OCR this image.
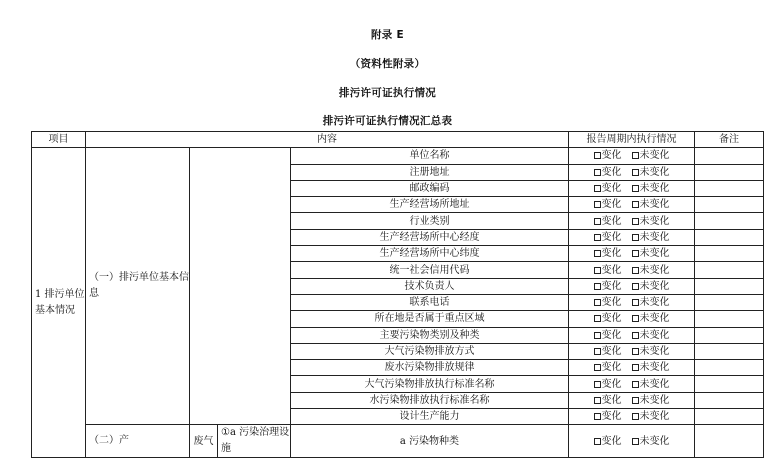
附录 E
（资料性附录）
排污许可证执行情况
排污许可证执行情况汇总表
项目	内容				报告周期内执行情况	备注
1 排污单位基本情况	（一）排污单位基本信息			单位名称	变化 未变化	

				注册地址	变化 未变化	

				邮政编码	变化 未变化	

				生产经营场所地址	变化 未变化	

				行业类别	变化 未变化	

				生产经营场所中心经度	变化 未变化	

				生产经营场所中心纬度	变化 未变化	

				统一社会信用代码	变化 未变化	

				技术负责人	变化 未变化	

				联系电话	变化 未变化	

				所在地是否属于重点区域	变化 未变化	

				主要污染物类别及种类	变化 未变化	

				大气污染物排放方式	变化 未变化	

				废水污染物排放规律	变化 未变化	

				大气污染物排放执行标准名称	变化 未变化	

				水污染物排放执行标准名称	变化 未变化	

				设计生产能力	变化 未变化	

	（二）产	废气	①a 污染治理设施	a 污染物种类	变化 未变化	
